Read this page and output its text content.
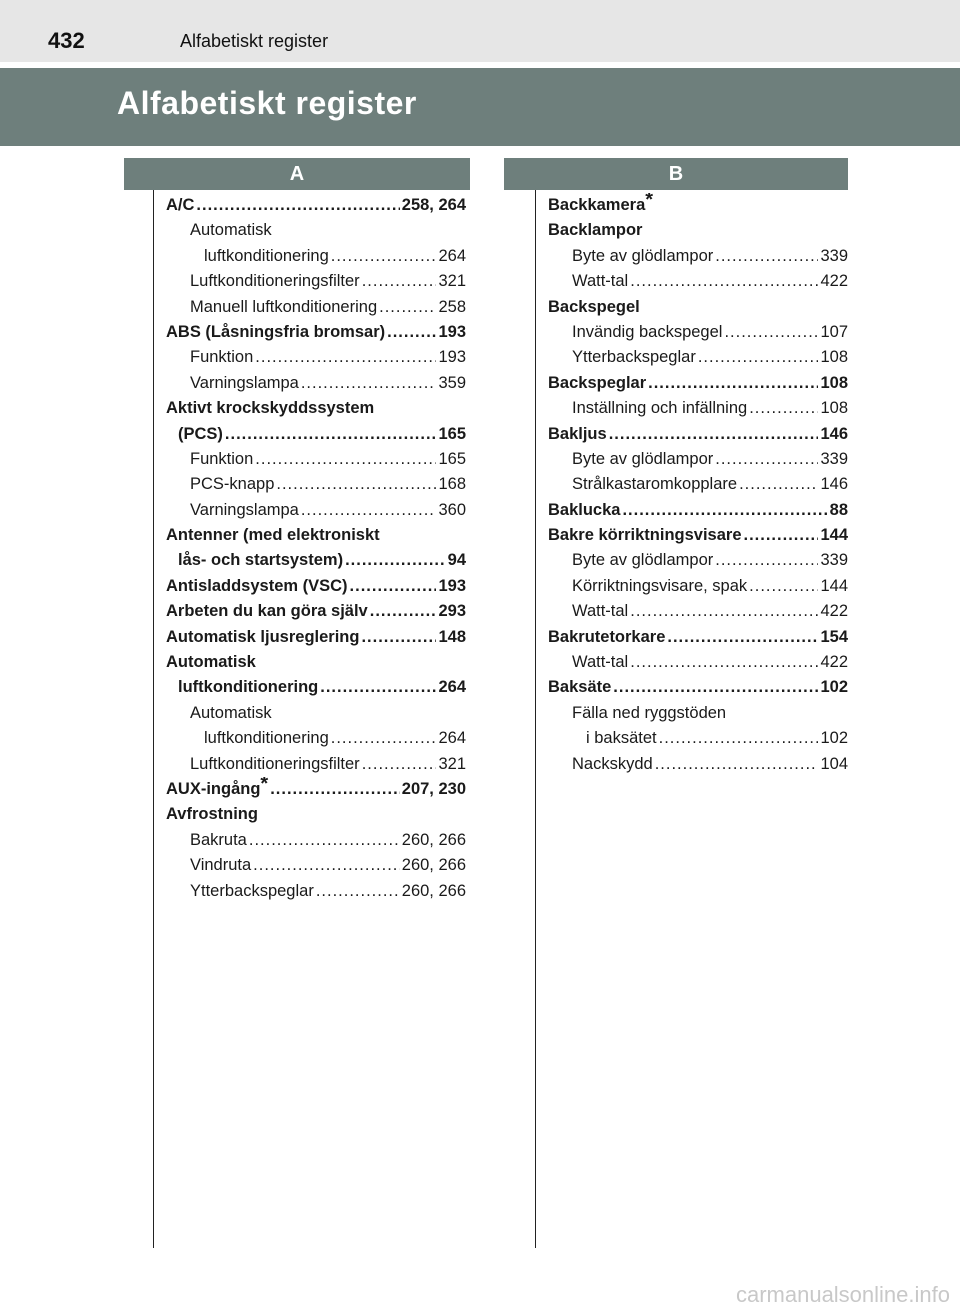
432	Alfabetiskt register
Alfabetiskt register
A	B
A/C .....	258, 264
Automatisk
luftkonditionering .....	264
Luftkonditioneringsfilter .....	321
Manuell luftkonditionering .....	258
ABS (Låsningsfria bromsar) .....	193
Funktion .....	193
Varningslampa .....	359
Aktivt krockskyddssystem
(PCS) .....	165
Funktion .....	165
PCS-knapp .....	168
Varningslampa .....	360
Antenner (med elektroniskt
lås- och startsystem) .....	94
Antisladdsystem (VSC) .....	193
Arbeten du kan göra själv .....	293
Automatisk ljusreglering .....	148
Automatisk
luftkonditionering .....	264
Automatisk
luftkonditionering .....	264
Luftkonditioneringsfilter .....	321
AUX-ingång* .....	207, 230
Avfrostning
Bakruta .....	260, 266
Vindruta .....	260, 266
Ytterbackspeglar .....	260, 266
Backkamera*
Backlampor
Byte av glödlampor .....	339
Watt-tal .....	422
Backspegel
Invändig backspegel .....	107
Ytterbackspeglar .....	108
Backspeglar .....	108
Inställning och infällning .....	108
Bakljus .....	146
Byte av glödlampor .....	339
Strålkastaromkopplare .....	146
Baklucka .....	88
Bakre körriktningsvisare .....	144
Byte av glödlampor .....	339
Körriktningsvisare, spak .....	144
Watt-tal .....	422
Bakrutetorkare .....	154
Watt-tal .....	422
Baksäte .....	102
Fälla ned ryggstöden
i baksätet .....	102
Nackskydd .....	104
carmanualsonline.info
